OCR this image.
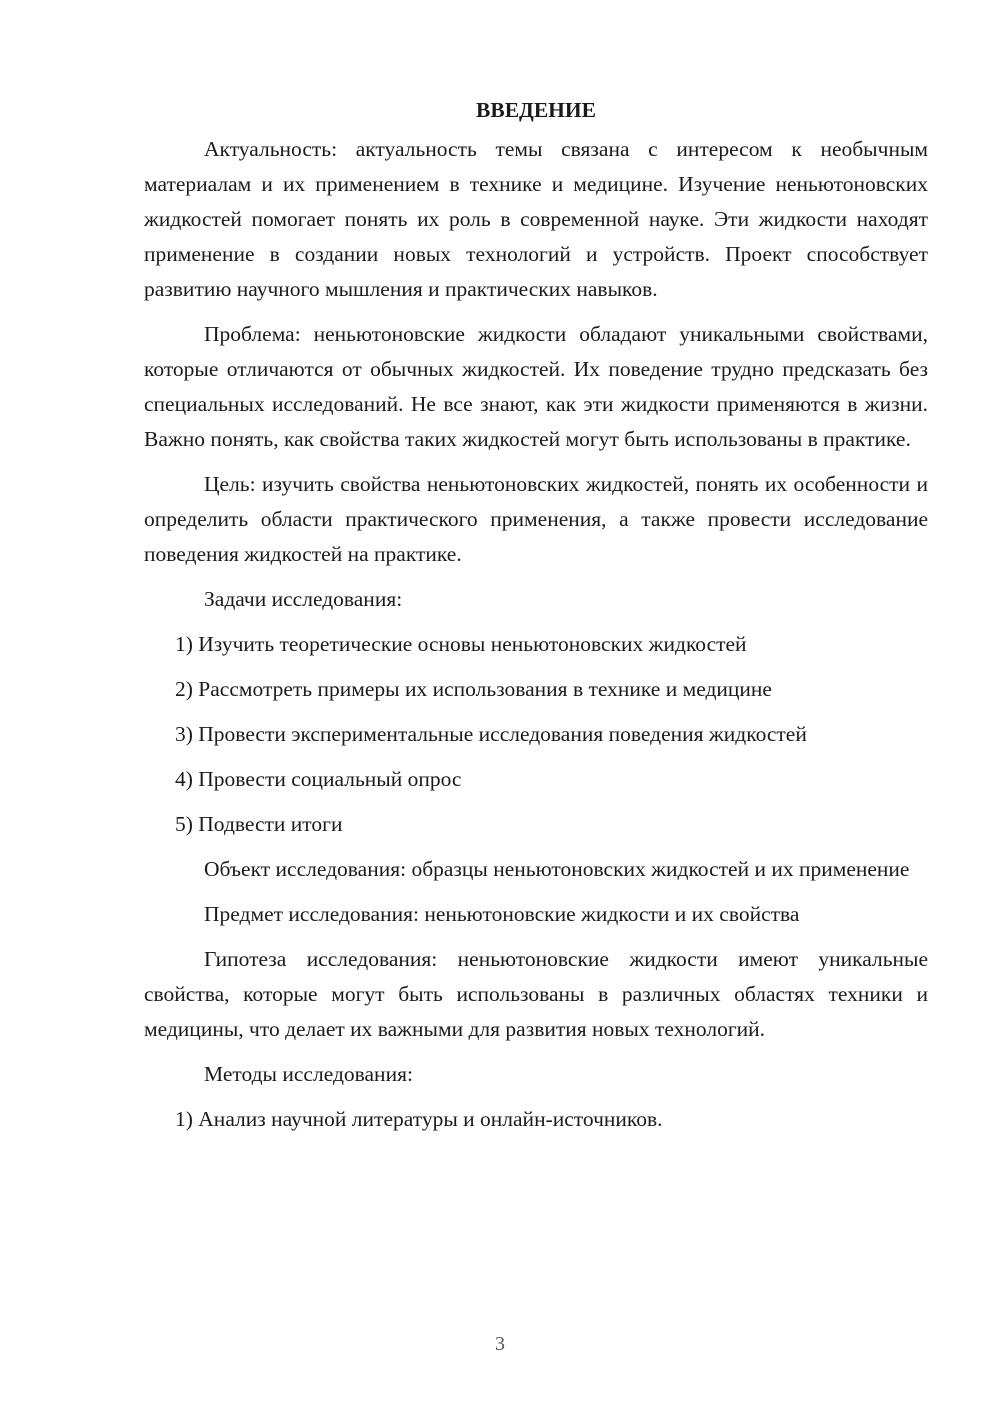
ВВЕДЕНИЕ

Актуальность: актуальность темы связана с интересом к необычным материалам и их применением в технике и медицине. Изучение неньютоновских жидкостей помогает понять их роль в современной науке. Эти жидкости находят применение в создании новых технологий и устройств. Проект способствует развитию научного мышления и практических навыков.

Проблема: неньютоновские жидкости обладают уникальными свойствами, которые отличаются от обычных жидкостей. Их поведение трудно предсказать без специальных исследований. Не все знают, как эти жидкости применяются в жизни. Важно понять, как свойства таких жидкостей могут быть использованы в практике.

Цель: изучить свойства неньютоновских жидкостей, понять их особенности и определить области практического применения, а также провести исследование поведения жидкостей на практике.

Задачи исследования:

1) Изучить теоретические основы неньютоновских жидкостей

2) Рассмотреть примеры их использования в технике и медицине

3) Провести экспериментальные исследования поведения жидкостей

4) Провести социальный опрос

5) Подвести итоги

Объект исследования: образцы неньютоновских жидкостей и их применение

Предмет исследования: неньютоновские жидкости и их свойства

Гипотеза исследования: неньютоновские жидкости имеют уникальные свойства, которые могут быть использованы в различных областях техники и медицины, что делает их важными для развития новых технологий.

Методы исследования:

1) Анализ научной литературы и онлайн-источников.

3
